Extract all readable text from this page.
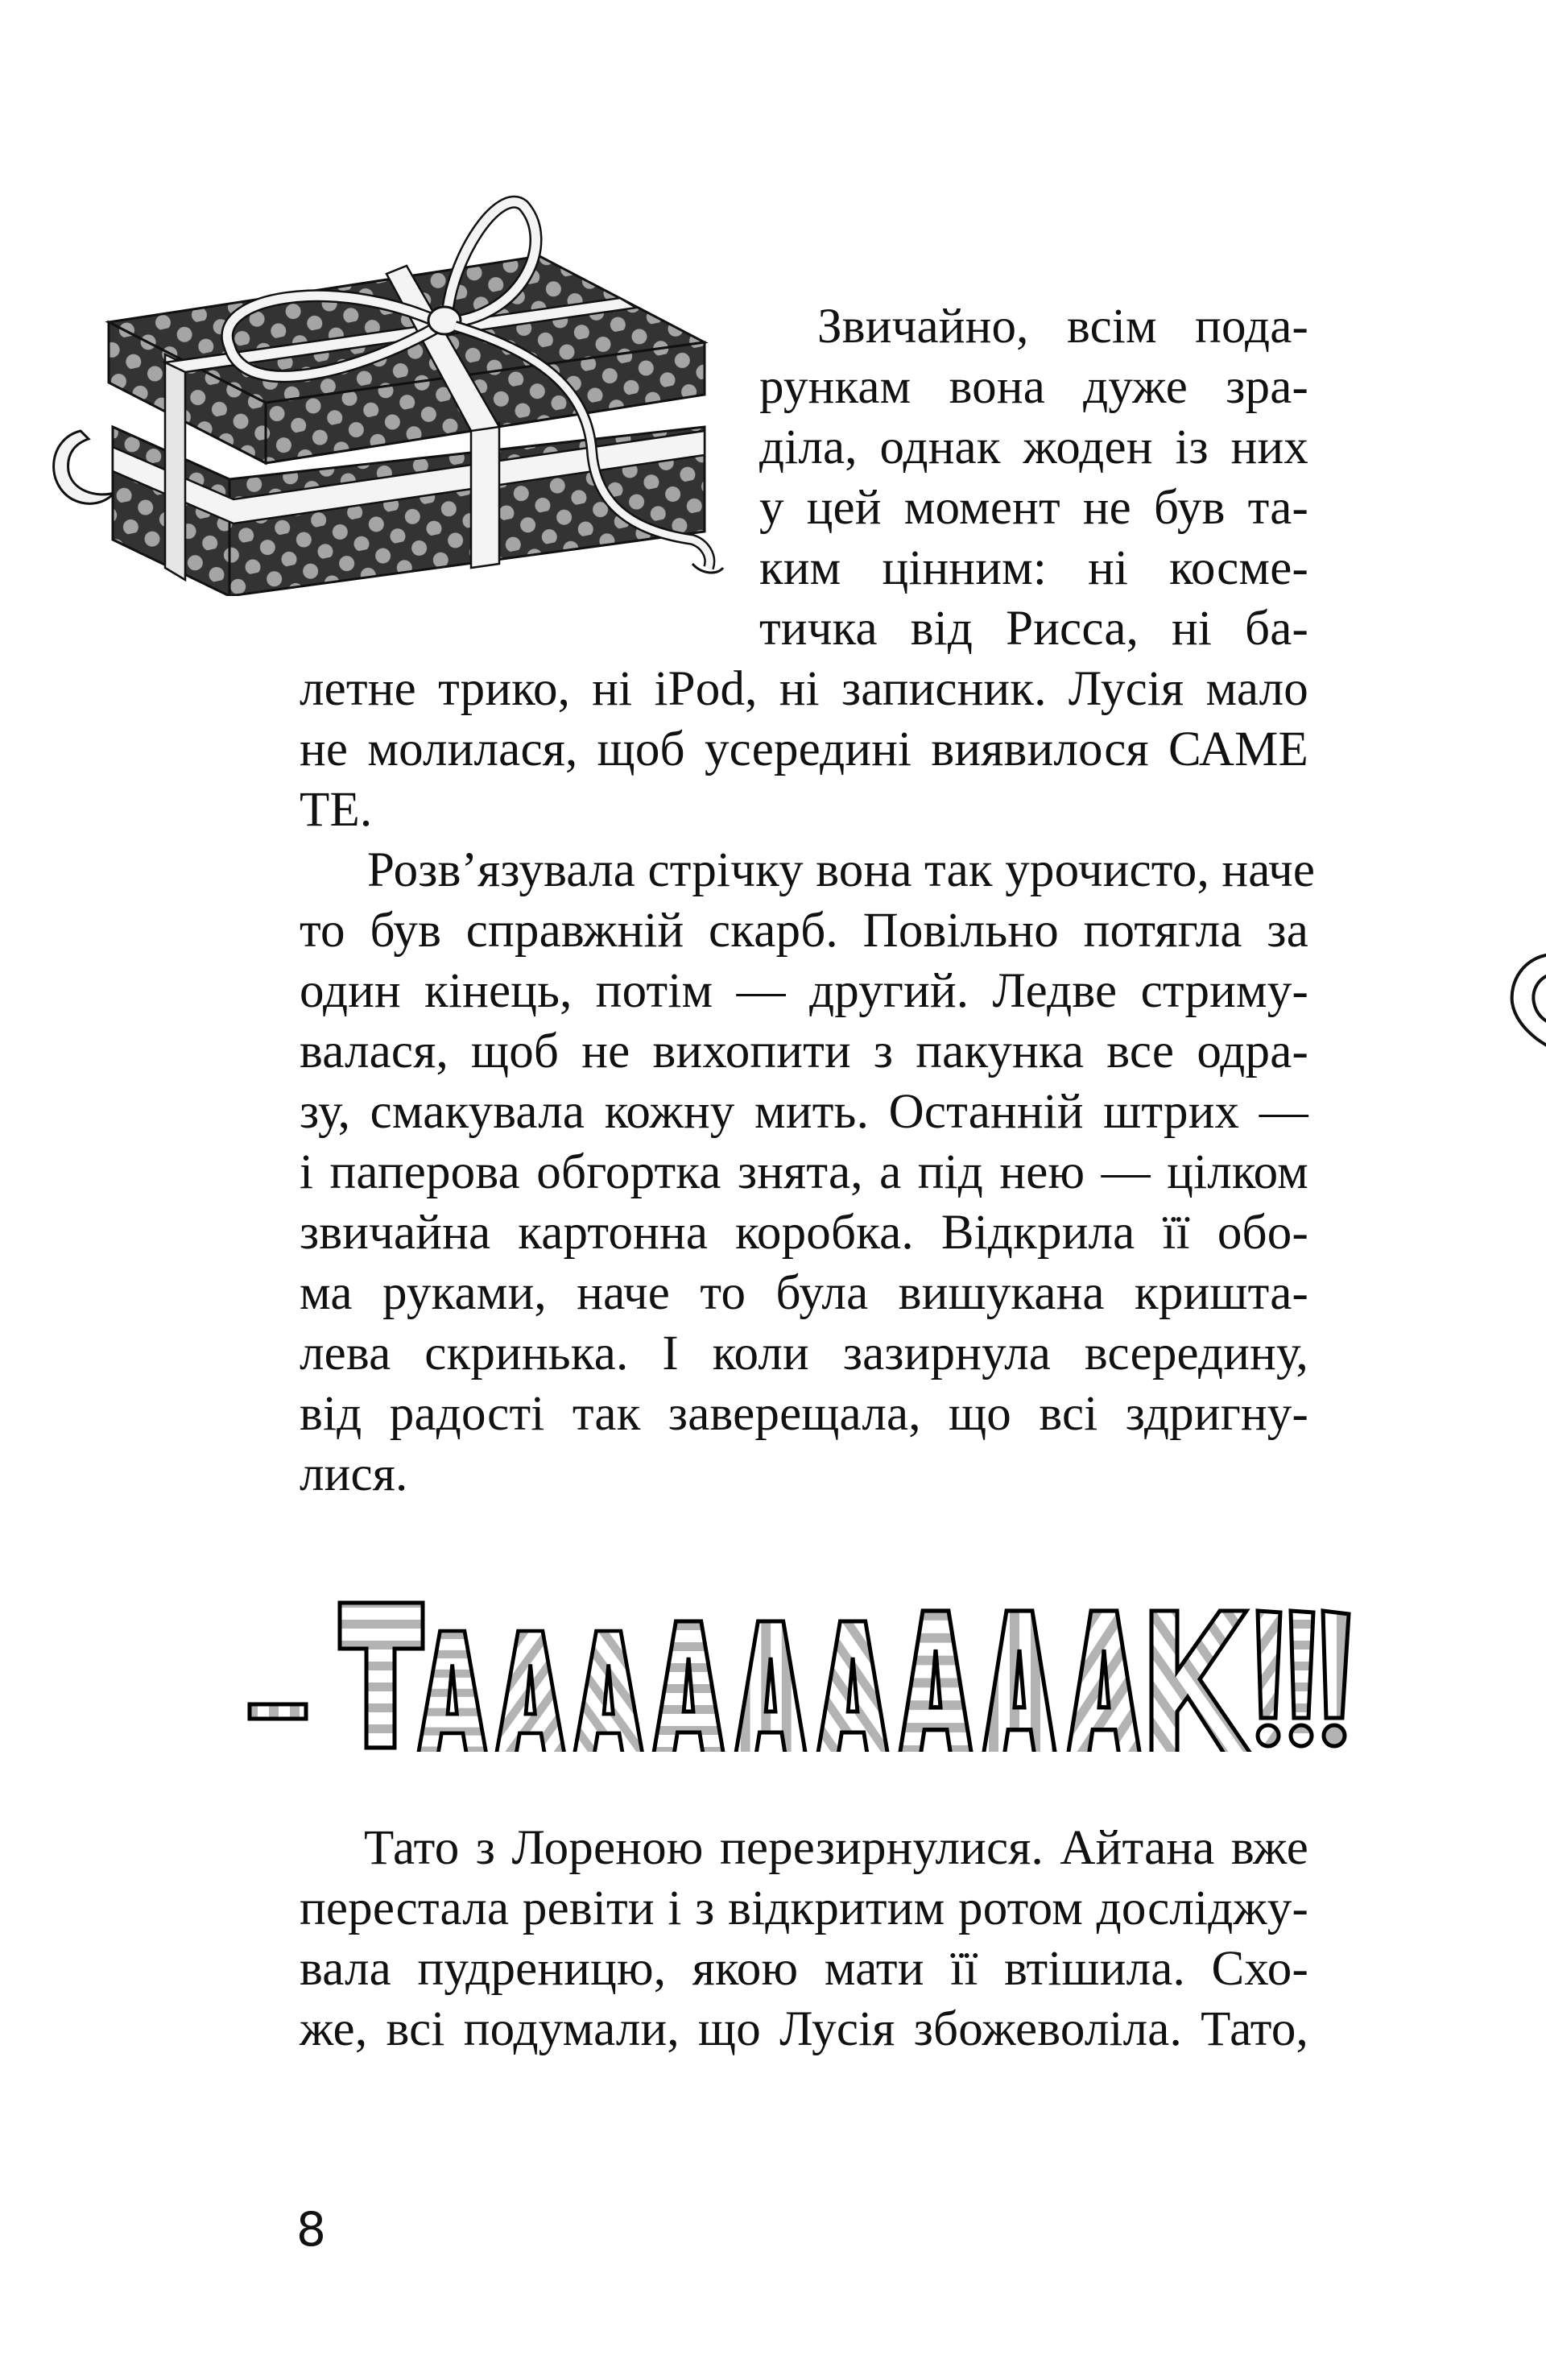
Звичайно, всім пода-
рункам вона дуже зра-
діла, однак жоден із них
у цей момент не був та-
ким цінним: ні косме-
тичка від Рисса, ні ба-
летне трико, ні iPod, ні записник. Лусія мало
не молилася, щоб усередині виявилося САМЕ
ТЕ.
Розв’язувала стрічку вона так урочисто, наче
то був справжній скарб. Повільно потягла за
один кінець, потім — другий. Ледве стриму-
валася, щоб не вихопити з пакунка все одра-
зу, смакувала кожну мить. Останній штрих —
і паперова обгортка знята, а під нею — цілком
звичайна картонна коробка. Відкрила її обо-
ма руками, наче то була вишукана кришта-
лева скринька. І коли зазирнула всередину,
від радості так заверещала, що всі здригну-
лися.
Тато з Лореною перезирнулися. Айтана вже
перестала ревіти і з відкритим ротом досліджу-
вала пудреницю, якою мати її втішила. Схо-
же, всі подумали, що Лусія збожеволіла. Тато,
8
